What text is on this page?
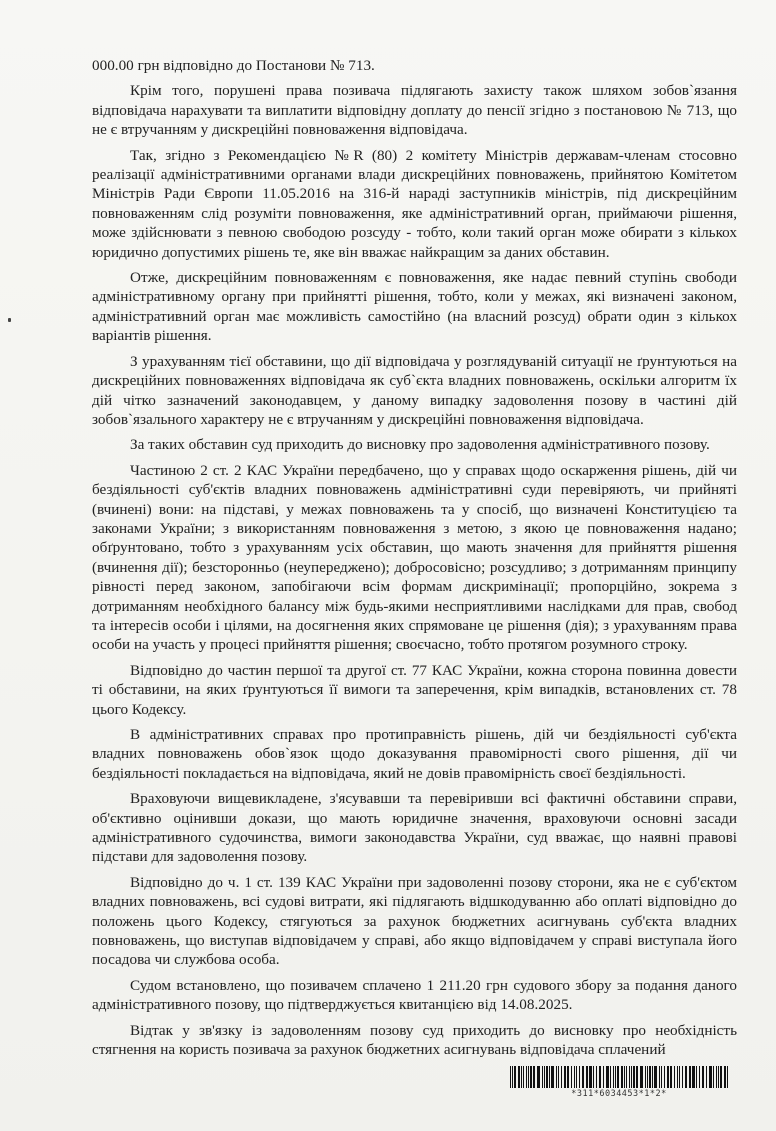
000.00 грн відповідно до Постанови № 713.

Крім того, порушені права позивача підлягають захисту також шляхом зобов`язання відповідача нарахувати та виплатити відповідну доплату до пенсії згідно з постановою № 713, що не є втручанням у дискреційні повноваження відповідача.

Так, згідно з Рекомендацією №R (80) 2 комітету Міністрів державам-членам стосовно реалізації адміністративними органами влади дискреційних повноважень, прийнятою Комітетом Міністрів Ради Європи 11.05.2016 на 316-й нараді заступників міністрів, під дискреційним повноваженням слід розуміти повноваження, яке адміністративний орган, приймаючи рішення, може здійснювати з певною свободою розсуду - тобто, коли такий орган може обирати з кількох юридично допустимих рішень те, яке він вважає найкращим за даних обставин.

Отже, дискреційним повноваженням є повноваження, яке надає певний ступінь свободи адміністративному органу при прийнятті рішення, тобто, коли у межах, які визначені законом, адміністративний орган має можливість самостійно (на власний розсуд) обрати один з кількох варіантів рішення.

З урахуванням тієї обставини, що дії відповідача у розглядуваній ситуації не ґрунтуються на дискреційних повноваженнях відповідача як суб`єкта владних повноважень, оскільки алгоритм їх дій чітко зазначений законодавцем, у даному випадку задоволення позову в частині дій зобов`язального характеру не є втручанням у дискреційні повноваження відповідача.

За таких обставин суд приходить до висновку про задоволення адміністративного позову.

Частиною 2 ст. 2 КАС України передбачено, що у справах щодо оскарження рішень, дій чи бездіяльності суб'єктів владних повноважень адміністративні суди перевіряють, чи прийняті (вчинені) вони: на підставі, у межах повноважень та у спосіб, що визначені Конституцією та законами України; з використанням повноваження з метою, з якою це повноваження надано; обґрунтовано, тобто з урахуванням усіх обставин, що мають значення для прийняття рішення (вчинення дії); безсторонньо (неупереджено); добросовісно; розсудливо; з дотриманням принципу рівності перед законом, запобігаючи всім формам дискримінації; пропорційно, зокрема з дотриманням необхідного балансу між будь-якими несприятливими наслідками для прав, свобод та інтересів особи і цілями, на досягнення яких спрямоване це рішення (дія); з урахуванням права особи на участь у процесі прийняття рішення; своєчасно, тобто протягом розумного строку.

Відповідно до частин першої та другої ст. 77 КАС України, кожна сторона повинна довести ті обставини, на яких ґрунтуються її вимоги та заперечення, крім випадків, встановлених ст. 78 цього Кодексу.

В адміністративних справах про протиправність рішень, дій чи бездіяльності суб'єкта владних повноважень обов`язок щодо доказування правомірності свого рішення, дії чи бездіяльності покладається на відповідача, який не довів правомірність своєї бездіяльності.

Враховуючи вищевикладене, з'ясувавши та перевіривши всі фактичні обставини справи, об'єктивно оцінивши докази, що мають юридичне значення, враховуючи основні засади адміністративного судочинства, вимоги законодавства України, суд вважає, що наявні правові підстави для задоволення позову.

Відповідно до ч. 1 ст. 139 КАС України при задоволенні позову сторони, яка не є суб'єктом владних повноважень, всі судові витрати, які підлягають відшкодуванню або оплаті відповідно до положень цього Кодексу, стягуються за рахунок бюджетних асигнувань суб'єкта владних повноважень, що виступав відповідачем у справі, або якщо відповідачем у справі виступала його посадова чи службова особа.

Судом встановлено, що позивачем сплачено 1 211.20 грн судового збору за подання даного адміністративного позову, що підтверджується квитанцією від 14.08.2025.

Відтак у зв'язку із задоволенням позову суд приходить до висновку про необхідність стягнення на користь позивача за рахунок бюджетних асигнувань відповідача сплачений

*311*6034453*1*2*
